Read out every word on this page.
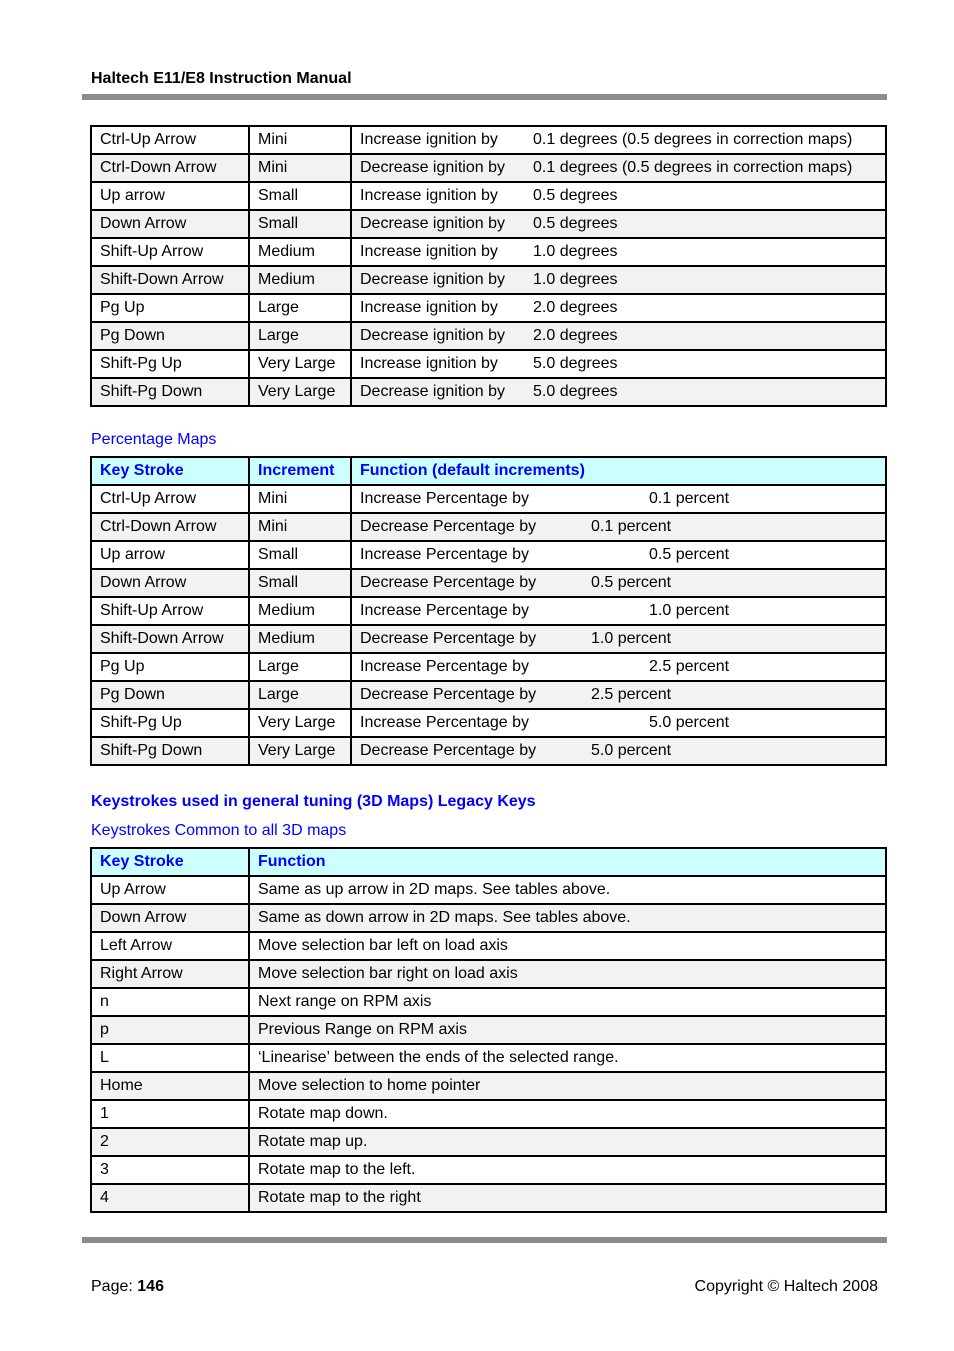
Haltech E11/E8 Instruction Manual
Ctrl-Up Arrow	Mini	Increase ignition by 0.1 degrees (0.5 degrees in correction maps)

Ctrl-Down Arrow	Mini	Decrease ignition by 0.1 degrees (0.5 degrees in correction maps)

Up arrow	Small	Increase ignition by 0.5 degrees

Down Arrow	Small	Decrease ignition by 0.5 degrees

Shift-Up Arrow	Medium	Increase ignition by 1.0 degrees

Shift-Down Arrow	Medium	Decrease ignition by 1.0 degrees

Pg Up	Large	Increase ignition by 2.0 degrees

Pg Down	Large	Decrease ignition by 2.0 degrees

Shift-Pg Up	Very Large	Increase ignition by 5.0 degrees

Shift-Pg Down	Very Large	Decrease ignition by 5.0 degrees
Percentage Maps
Key Stroke	Increment	Function (default increments)
Ctrl-Up Arrow	Mini	Increase Percentage by 0.1 percent

Ctrl-Down Arrow	Mini	Decrease Percentage by 0.1 percent

Up arrow	Small	Increase Percentage by 0.5 percent

Down Arrow	Small	Decrease Percentage by 0.5 percent

Shift-Up Arrow	Medium	Increase Percentage by 1.0 percent

Shift-Down Arrow	Medium	Decrease Percentage by 1.0 percent

Pg Up	Large	Increase Percentage by 2.5 percent

Pg Down	Large	Decrease Percentage by 2.5 percent

Shift-Pg Up	Very Large	Increase Percentage by 5.0 percent

Shift-Pg Down	Very Large	Decrease Percentage by 5.0 percent
Keystrokes used in general tuning (3D Maps) Legacy Keys
Keystrokes Common to all 3D maps
Key Stroke	Function
Up Arrow	Same as up arrow in 2D maps. See tables above.
Down Arrow	Same as down arrow in 2D maps. See tables above.
Left Arrow	Move selection bar left on load axis
Right Arrow	Move selection bar right on load axis
n	Next range on RPM axis
p	Previous Range on RPM axis
L	‘Linearise’ between the ends of the selected range.
Home	Move selection to home pointer
1	Rotate map down.
2	Rotate map up.
3	Rotate map to the left.
4	Rotate map to the right
Page: 146	Copyright © Haltech 2008
